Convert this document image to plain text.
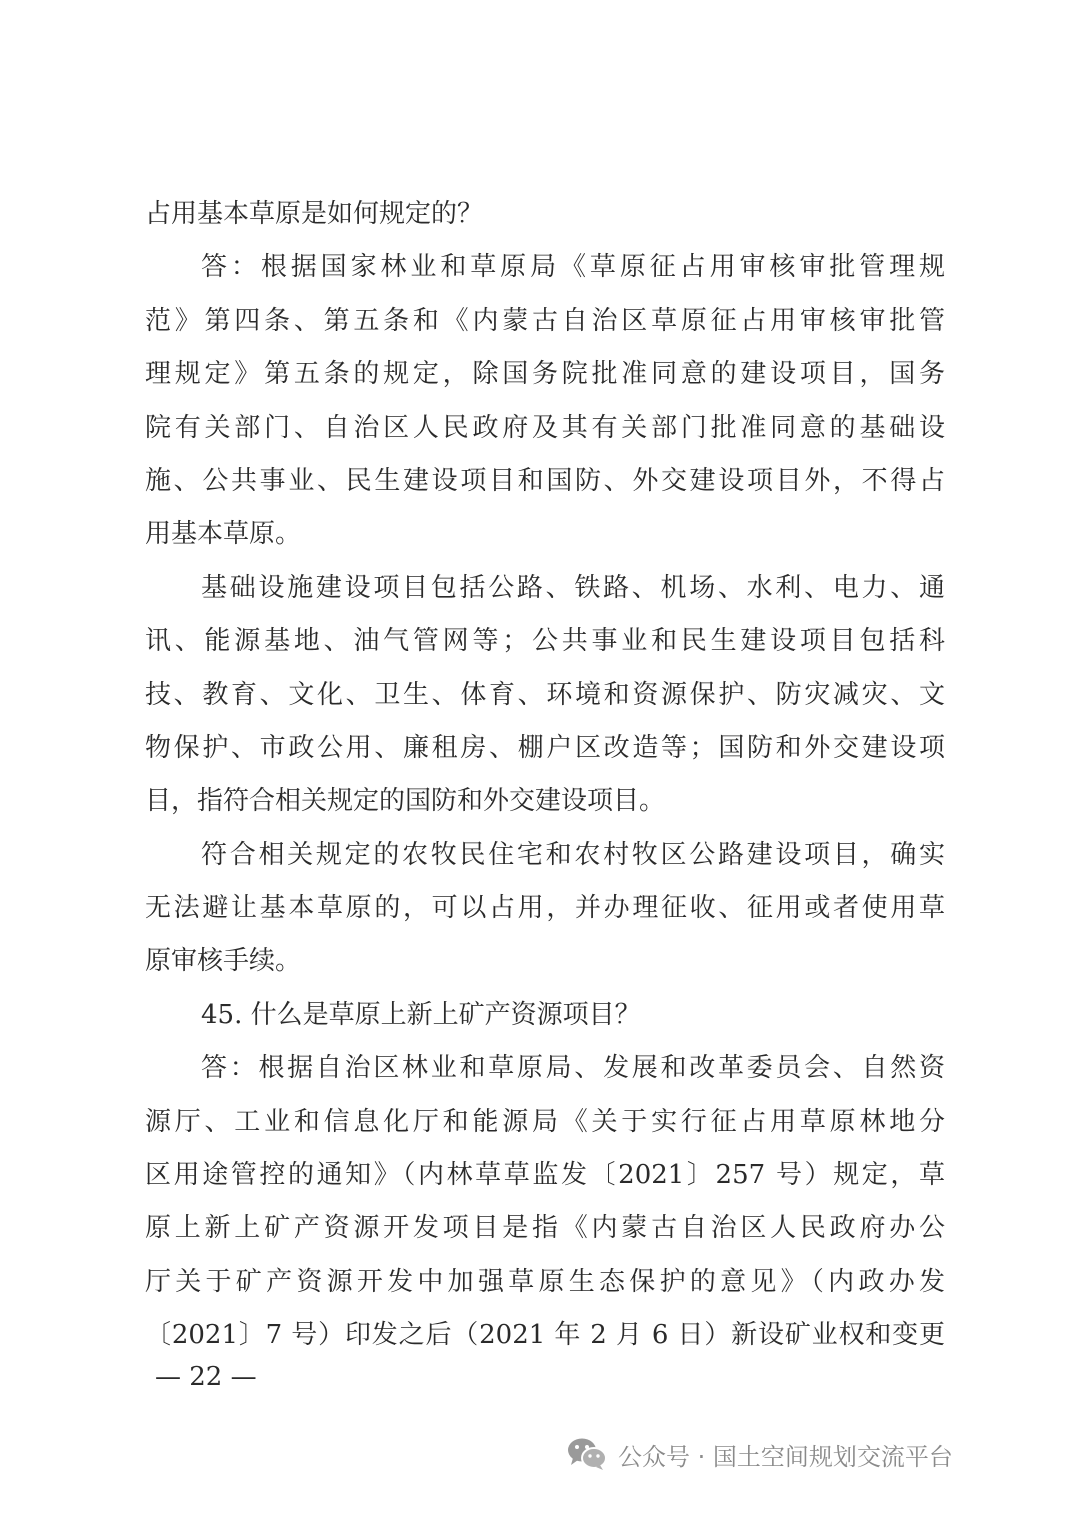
占用基本草原是如何规定的？
答：根据国家林业和草原局《草原征占用审核审批管理规
范》第四条、第五条和《内蒙古自治区草原征占用审核审批管
理规定》第五条的规定，除国务院批准同意的建设项目，国务
院有关部门、自治区人民政府及其有关部门批准同意的基础设
施、公共事业、民生建设项目和国防、外交建设项目外，不得占
用基本草原。
基础设施建设项目包括公路、铁路、机场、水利、电力、通
讯、能源基地、油气管网等；公共事业和民生建设项目包括科
技、教育、文化、卫生、体育、环境和资源保护、防灾减灾、文
物保护、市政公用、廉租房、棚户区改造等；国防和外交建设项
目，指符合相关规定的国防和外交建设项目。
符合相关规定的农牧民住宅和农村牧区公路建设项目，确实
无法避让基本草原的，可以占用，并办理征收、征用或者使用草
原审核手续。
45. 什么是草原上新上矿产资源项目？
答：根据自治区林业和草原局、发展和改革委员会、自然资
源厅、工业和信息化厅和能源局《关于实行征占用草原林地分
区用途管控的通知》（内林草草监发〔2021〕257 号）规定，草
原上新上矿产资源开发项目是指《内蒙古自治区人民政府办公
厅关于矿产资源开发中加强草原生态保护的意见》（内政办发
〔2021〕7 号）印发之后（2021 年 2 月 6 日）新设矿业权和变更
— 22 —
公众号 · 国土空间规划交流平台
